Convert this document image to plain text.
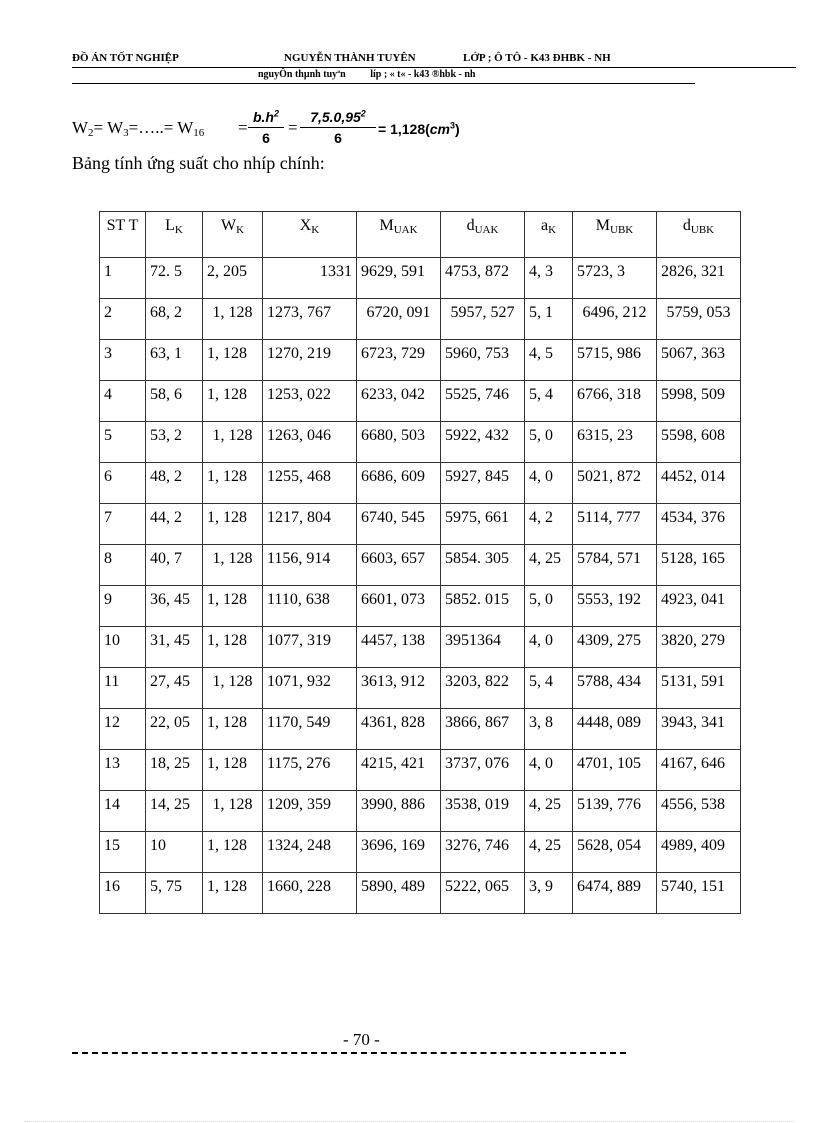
ĐỒ ÁN TỐT NGHIỆP	NGUYỄN THÀNH TUYÊN	LỚP ; Ô TÔ - K43 ĐHBK - NH
nguyÔn thµnh tuyªn líp ; « t« - k43 ®hbk - nh
$W_2=$ $W_3=\dots..= W_{16}$ =
$b.h^2$
6
=
$7,5.0,95^2$
6
= $1,128(cm^3)$
Bảng tính ứng suất cho nhíp chính:
ST T	$L_K$	$W_K$	$X_K$	$M_{UAK}$	$d_{UAK}$	$a_K$	$M_{UBK}$	$d_{UBK}$
1	72. 5	2, 205	1331	9629, 591	4753, 872	4, 3	5723, 3	2826, 321
2	68, 2	1, 128	1273, 767	6720, 091	5957, 527	5, 1	6496, 212	5759, 053
3	63, 1	1, 128	1270, 219	6723, 729	5960, 753	4, 5	5715, 986	5067, 363
4	58, 6	1, 128	1253, 022	6233, 042	5525, 746	5, 4	6766, 318	5998, 509
5	53, 2	1, 128	1263, 046	6680, 503	5922, 432	5, 0	6315, 23	5598, 608
6	48, 2	1, 128	1255, 468	6686, 609	5927, 845	4, 0	5021, 872	4452, 014
7	44, 2	1, 128	1217, 804	6740, 545	5975, 661	4, 2	5114, 777	4534, 376
8	40, 7	1, 128	1156, 914	6603, 657	5854. 305	4, 25	5784, 571	5128, 165
9	36, 45	1, 128	1110, 638	6601, 073	5852. 015	5, 0	5553, 192	4923, 041
10	31, 45	1, 128	1077, 319	4457, 138	3951364	4, 0	4309, 275	3820, 279
11	27, 45	1, 128	1071, 932	3613, 912	3203, 822	5, 4	5788, 434	5131, 591
12	22, 05	1, 128	1170, 549	4361, 828	3866, 867	3, 8	4448, 089	3943, 341
13	18, 25	1, 128	1175, 276	4215, 421	3737, 076	4, 0	4701, 105	4167, 646
14	14, 25	1, 128	1209, 359	3990, 886	3538, 019	4, 25	5139, 776	4556, 538
15	10	1, 128	1324, 248	3696, 169	3276, 746	4, 25	5628, 054	4989, 409
16	5, 75	1, 128	1660, 228	5890, 489	5222, 065	3, 9	6474, 889	5740, 151
- 70 -
